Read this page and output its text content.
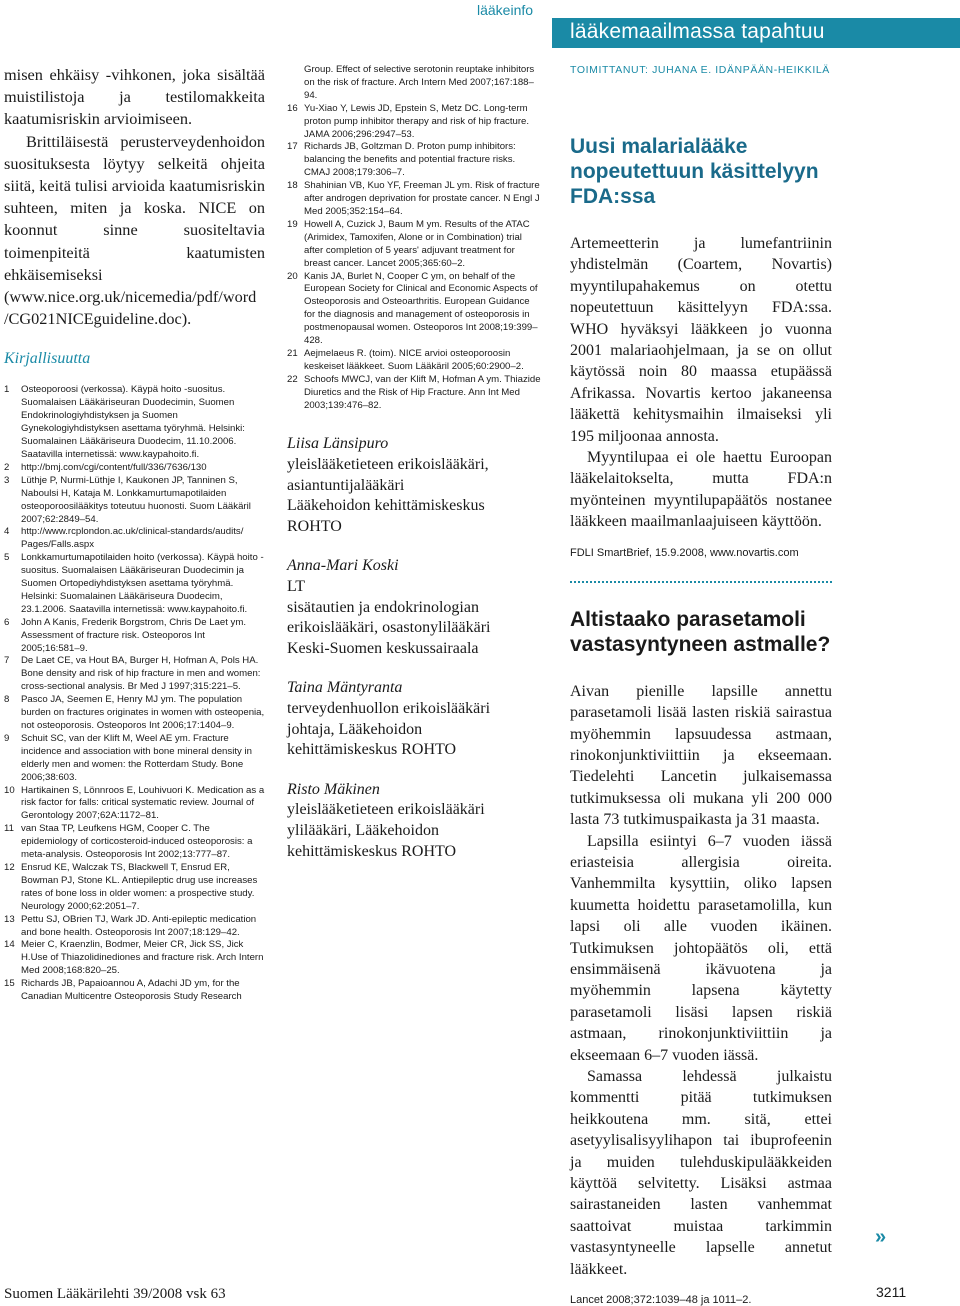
lääkeinfo
lääkemaailmassa tapahtuu

misen ehkäisy -vihkonen, joka sisältää muistilistoja ja testilomakkeita kaatumisriskin arvioimiseen.

Brittiläisestä perusterveydenhoidon suosituksesta löytyy selkeitä ohjeita siitä, keitä tulisi arvioida kaatumisriskin suhteen, miten ja koska. NICE on koonnut sinne suositeltavia toimenpiteitä kaatumisten ehkäisemiseksi (www.nice.org.uk/nicemedia/pdf/word /CG021NICEguideline.doc).

Kirjallisuutta
1 Osteoporoosi (verkossa). Käypä hoito -suositus. Suomalaisen Lääkäriseuran Duodecimin, Suomen Endokrinologiyhdistyksen ja Suomen Gynekologiyhdistyksen asettama työryhmä. Helsinki: Suomalainen Lääkäriseura Duodecim, 11.10.2006. Saatavilla internetissä: www.kaypahoito.fi.
2 http://bmj.com/cgi/content/full/336/7636/130
3 Lüthje P, Nurmi-Lüthje I, Kaukonen JP, Tanninen S, Naboulsi H, Kataja M. Lonkkamurtumapotilaiden osteoporoosilääkitys toteutuu huonosti. Suom Lääkäril 2007;62:2849–54.
4 http://www.rcplondon.ac.uk/clinical-standards/audits/ Pages/Falls.aspx
5 Lonkkamurtumapotilaiden hoito (verkossa). Käypä hoito -suositus. Suomalaisen Lääkäriseuran Duodecimin ja Suomen Ortopediyhdistyksen asettama työryhmä. Helsinki: Suomalainen Lääkäriseura Duodecim, 23.1.2006. Saatavilla internetissä: www.kaypahoito.fi.
6 John A Kanis, Frederik Borgstrom, Chris De Laet ym. Assessment of fracture risk. Osteoporos Int 2005;16:581–9.
7 De Laet CE, va Hout BA, Burger H, Hofman A, Pols HA. Bone density and risk of hip fracture in men and women: cross-sectional analysis. Br Med J 1997;315:221–5.
8 Pasco JA, Seemen E, Henry MJ ym. The population burden on fractures originates in women with osteopenia, not osteoporosis. Osteoporos Int 2006;17:1404–9.
9 Schuit SC, van der Klift M, Weel AE ym. Fracture incidence and association with bone mineral density in elderly men and women: the Rotterdam Study. Bone 2006;38:603.
10 Hartikainen S, Lönnroos E, Louhivuori K. Medication as a risk factor for falls: critical systematic review. Journal of Gerontology 2007;62A:1172–81.
11 van Staa TP, Leufkens HGM, Cooper C. The epidemiology of corticosteroid-induced osteoporosis: a meta-analysis. Osteoporosis Int 2002;13:777–87.
12 Ensrud KE, Walczak TS, Blackwell T, Ensrud ER, Bowman PJ, Stone KL. Antiepileptic drug use increases rates of bone loss in older women: a prospective study. Neurology 2000;62:2051–7.
13 Pettu SJ, OBrien TJ, Wark JD. Anti-epileptic medication and bone health. Osteoporosis Int 2007;18:129–42.
14 Meier C, Kraenzlin, Bodmer, Meier CR, Jick SS, Jick H.Use of Thiazolidinediones and fracture risk. Arch Intern Med 2008;168:820–25.
15 Richards JB, Papaioannou A, Adachi JD ym, for the Canadian Multicentre Osteoporosis Study Research
Group. Effect of selective serotonin reuptake inhibitors on the risk of fracture. Arch Intern Med 2007;167:188–94.
16 Yu-Xiao Y, Lewis JD, Epstein S, Metz DC. Long-term proton pump inhibitor therapy and risk of hip fracture. JAMA 2006;296:2947–53.
17 Richards JB, Goltzman D. Proton pump inhibitors: balancing the benefits and potential fracture risks. CMAJ 2008;179:306–7.
18 Shahinian VB, Kuo YF, Freeman JL ym. Risk of fracture after androgen deprivation for prostate cancer. N Engl J Med 2005;352:154–64.
19 Howell A, Cuzick J, Baum M ym. Results of the ATAC (Arimidex, Tamoxifen, Alone or in Combination) trial after completion of 5 years' adjuvant treatment for breast cancer. Lancet 2005;365:60–2.
20 Kanis JA, Burlet N, Cooper C ym, on behalf of the European Society for Clinical and Economic Aspects of Osteoporosis and Osteoarthritis. European Guidance for the diagnosis and management of osteoporosis in postmenopausal women. Osteoporos Int 2008;19:399–428.
21 Aejmelaeus R. (toim). NICE arvioi osteoporoosin keskeiset lääkkeet. Suom Lääkäril 2005;60:2900–2.
22 Schoofs MWCJ, van der Klift M, Hofman A ym. Thiazide Diuretics and the Risk of Hip Fracture. Ann Int Med 2003;139:476–82.
Liisa Länsipuro
yleislääketieteen erikoislääkäri,
asiantuntijalääkäri
Lääkehoidon kehittämiskeskus
ROHTO
Anna-Mari Koski
LT
sisätautien ja endokrinologian
erikoislääkäri, osastonylilääkäri
Keski-Suomen keskussairaala
Taina Mäntyranta
terveydenhuollon erikoislääkäri
johtaja, Lääkehoidon
kehittämiskeskus ROHTO
Risto Mäkinen
yleislääketieteen erikoislääkäri
ylilääkäri, Lääkehoidon
kehittämiskeskus ROHTO
TOIMITTANUT: JUHANA E. IDÄNPÄÄN-HEIKKILÄ
Uusi malarialääke nopeutettuun käsittelyyn FDA:ssa

Artemeetterin ja lumefantriinin yhdistelmän (Coartem, Novartis) myyntilupahakemus on otettu nopeutettuun käsittelyyn FDA:ssa. WHO hyväksyi lääkkeen jo vuonna 2001 malariaohjelmaan, ja se on ollut käytössä noin 80 maassa etupäässä Afrikassa. Novartis kertoo jakaneensa lääkettä kehitysmaihin ilmaiseksi yli 195 miljoonaa annosta.

Myyntilupaa ei ole haettu Euroopan lääkelaitokselta, mutta FDA:n myönteinen myyntilupapäätös nostanee lääkkeen maailmanlaajuiseen käyttöön.

FDLI SmartBrief, 15.9.2008, www.novartis.com

Altistaako parasetamoli vastasyntyneen astmalle?

Aivan pienille lapsille annettu parasetamoli lisää lasten riskiä sairastua myöhemmin lapsuudessa astmaan, rinokonjunktiviittiin ja ekseemaan. Tiedelehti Lancetin julkaisemassa tutkimuksessa oli mukana yli 200 000 lasta 73 tutkimuspaikasta ja 31 maasta.

Lapsilla esiintyi 6–7 vuoden iässä eriasteisia allergisia oireita. Vanhemmilta kysyttiin, oliko lapsen kuumetta hoidettu parasetamolilla, kun lapsi oli alle vuoden ikäinen. Tutkimuksen johtopäätös oli, että ensimmäisenä ikävuotena ja myöhemmin lapsena käytetty parasetamoli lisäsi lapsen riskiä astmaan, rinokonjunktiviittiin ja ekseemaan 6–7 vuoden iässä.

Samassa lehdessä julkaistu kommentti pitää tutkimuksen heikkoutena mm. sitä, ettei asetyylisalisyylihapon tai ibuprofeenin ja muiden tulehduskipulääkkeiden käyttöä selvitetty. Lisäksi astmaa sairastaneiden lasten vanhemmat saattoivat muistaa tarkimmin vastasyntyneelle lapselle annetut lääkkeet.

Lancet 2008;372:1039–48 ja 1011–2.

»
Suomen Lääkärilehti 39/2008 vsk 63	3211
